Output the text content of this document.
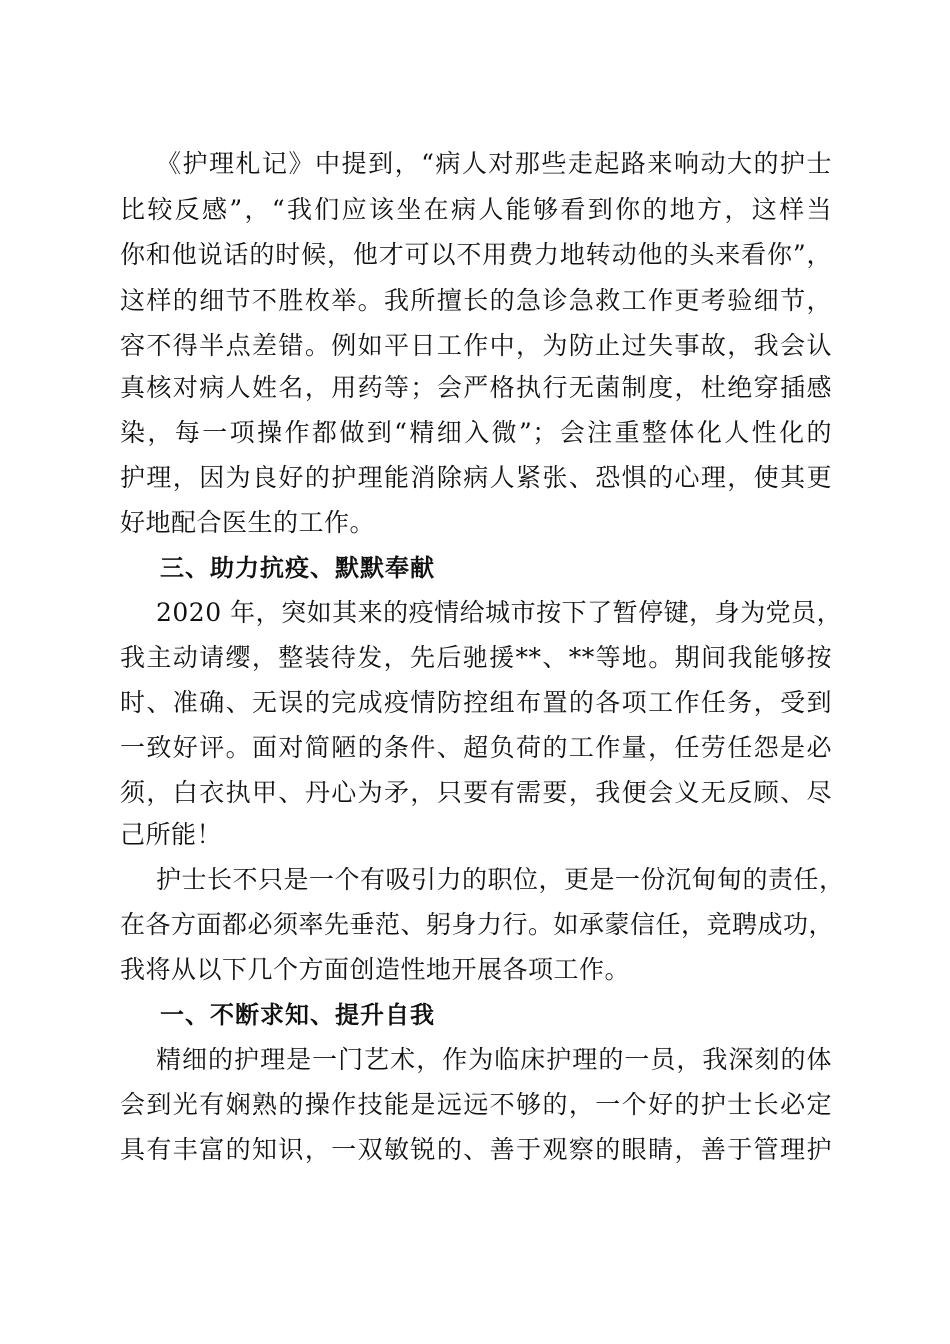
《护理札记》中提到，“病人对那些走起路来响动大的护士
比较反感”，“我们应该坐在病人能够看到你的地方，这样当
你和他说话的时候，他才可以不用费力地转动他的头来看你”，
这样的细节不胜枚举。我所擅长的急诊急救工作更考验细节，
容不得半点差错。例如平日工作中，为防止过失事故，我会认
真核对病人姓名，用药等；会严格执行无菌制度，杜绝穿插感
染，每一项操作都做到“精细入微”；会注重整体化人性化的
护理，因为良好的护理能消除病人紧张、恐惧的心理，使其更
好地配合医生的工作。
三、助力抗疫、默默奉献
2020 年，突如其来的疫情给城市按下了暂停键，身为党员，
我主动请缨，整装待发，先后驰援**、**等地。期间我能够按
时、准确、无误的完成疫情防控组布置的各项工作任务，受到
一致好评。面对简陋的条件、超负荷的工作量，任劳任怨是必
须，白衣执甲、丹心为矛，只要有需要，我便会义无反顾、尽
己所能！
护士长不只是一个有吸引力的职位，更是一份沉甸甸的责任，
在各方面都必须率先垂范、躬身力行。如承蒙信任，竞聘成功，
我将从以下几个方面创造性地开展各项工作。
一、不断求知、提升自我
精细的护理是一门艺术，作为临床护理的一员，我深刻的体
会到光有娴熟的操作技能是远远不够的，一个好的护士长必定
具有丰富的知识，一双敏锐的、善于观察的眼睛，善于管理护
